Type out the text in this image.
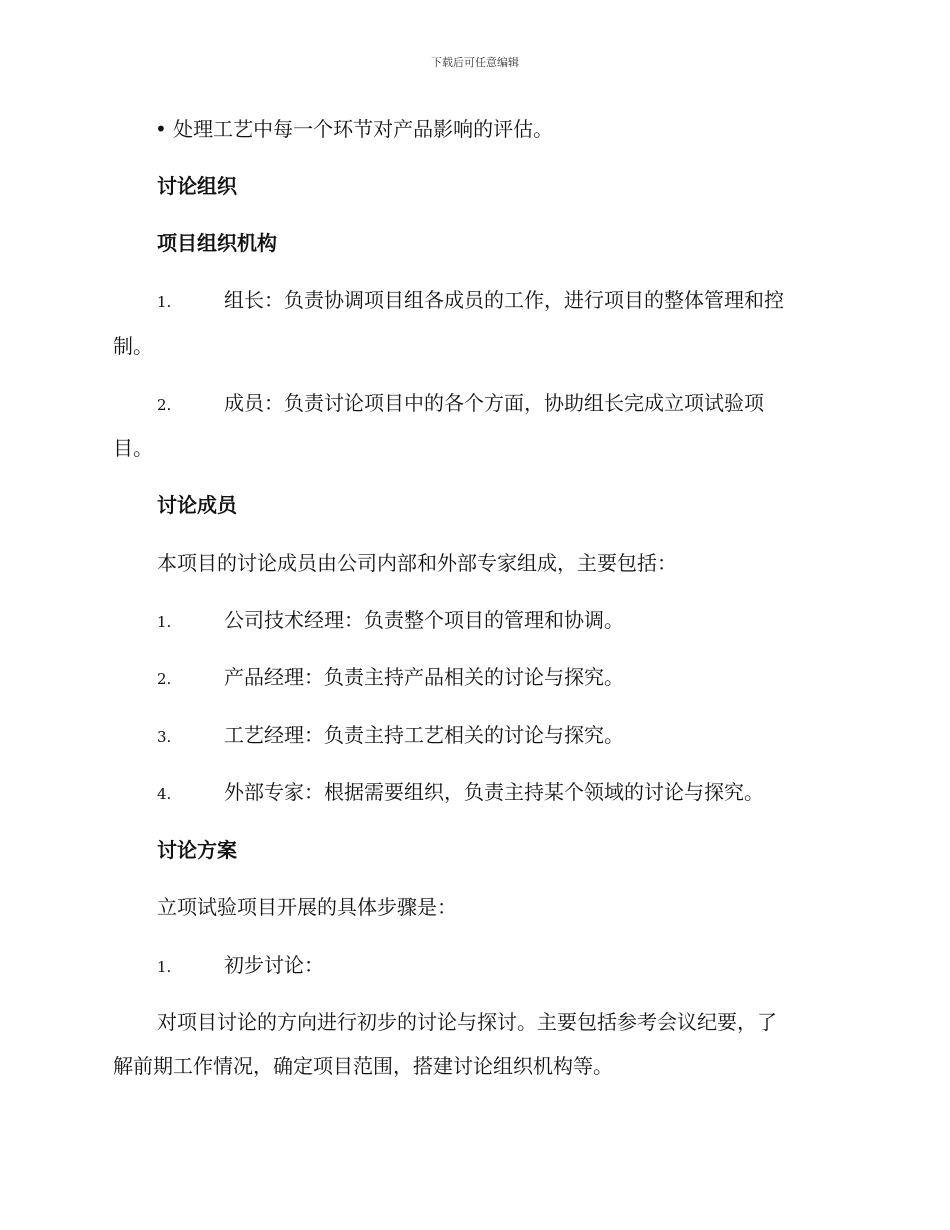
下载后可任意编辑
• 处理工艺中每一个环节对产品影响的评估。
讨论组织
项目组织机构
1.	组长：负责协调项目组各成员的工作，进行项目的整体管理和控
制。
2.	成员：负责讨论项目中的各个方面，协助组长完成立项试验项
目。
讨论成员
本项目的讨论成员由公司内部和外部专家组成，主要包括：
1.	公司技术经理：负责整个项目的管理和协调。
2.	产品经理：负责主持产品相关的讨论与探究。
3.	工艺经理：负责主持工艺相关的讨论与探究。
4.	外部专家：根据需要组织，负责主持某个领域的讨论与探究。
讨论方案
立项试验项目开展的具体步骤是：
1.	初步讨论：
对项目讨论的方向进行初步的讨论与探讨。主要包括参考会议纪要，了
解前期工作情况，确定项目范围，搭建讨论组织机构等。
